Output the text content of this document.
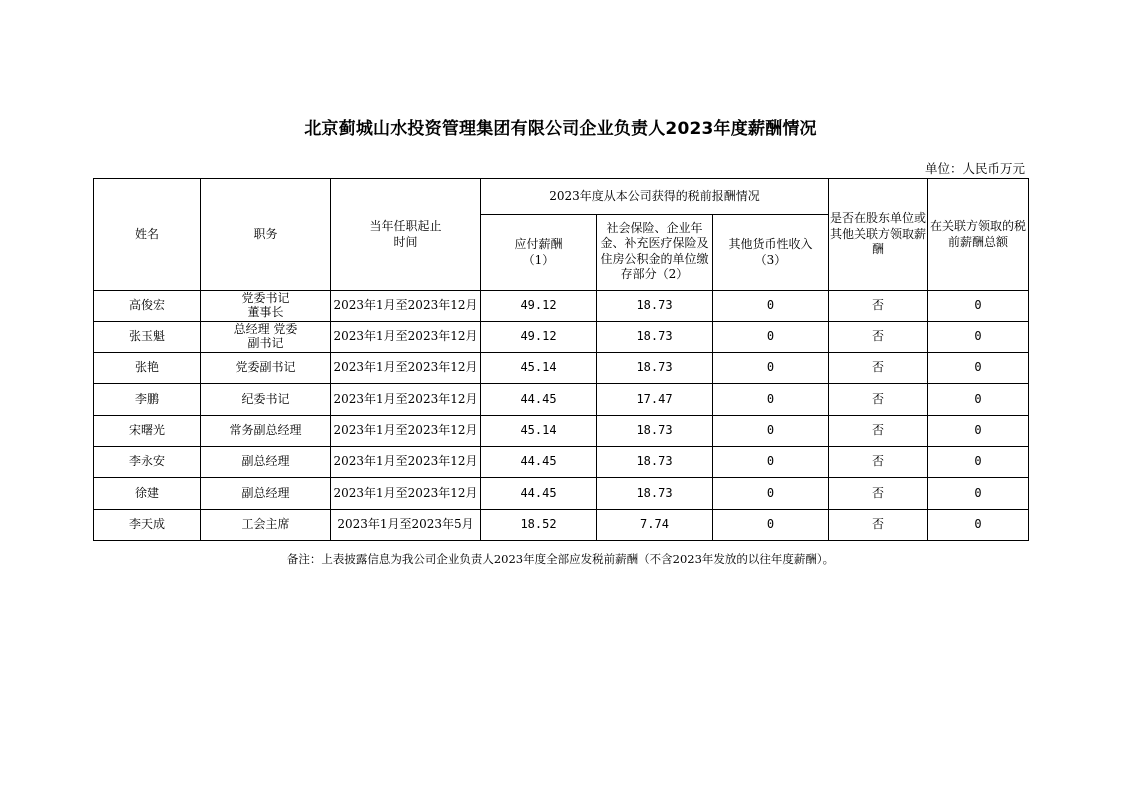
北京蓟城山水投资管理集团有限公司企业负责人2023年度薪酬情况
单位：人民币万元
姓名	职务	当年任职起止时间	2023年度从本公司获得的税前报酬情况			是否在股东单位或其他关联方领取薪酬	在关联方领取的税前薪酬总额

			应付薪酬（1）	社会保险、企业年金、补充医疗保险及住房公积金的单位缴存部分（2）	其他货币性收入（3）		

高俊宏	党委书记 董事长	2023年1月至2023年12月	49.12	18.73	0	否	0
张玉魁	总经理 党委副书记	2023年1月至2023年12月	49.12	18.73	0	否	0
张艳	党委副书记	2023年1月至2023年12月	45.14	18.73	0	否	0
李鹏	纪委书记	2023年1月至2023年12月	44.45	17.47	0	否	0
宋曙光	常务副总经理	2023年1月至2023年12月	45.14	18.73	0	否	0
李永安	副总经理	2023年1月至2023年12月	44.45	18.73	0	否	0
徐建	副总经理	2023年1月至2023年12月	44.45	18.73	0	否	0
李天成	工会主席	2023年1月至2023年5月	18.52	7.74	0	否	0
备注：上表披露信息为我公司企业负责人2023年度全部应发税前薪酬（不含2023年发放的以往年度薪酬）。
